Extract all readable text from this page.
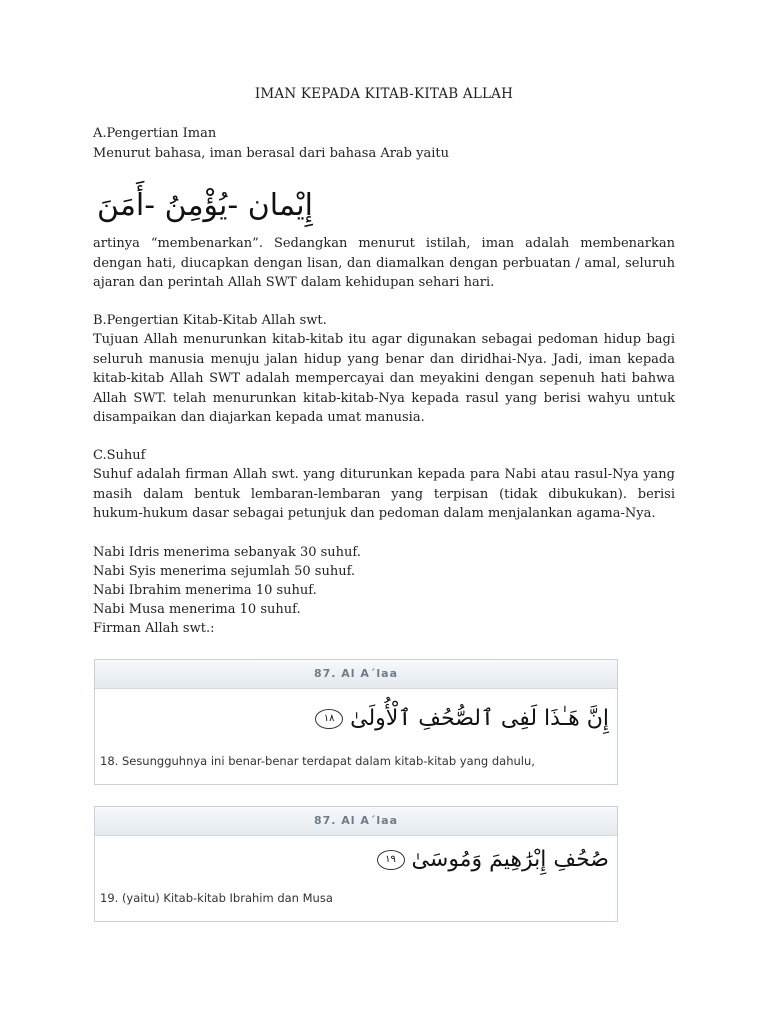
IMAN KEPADA KITAB-KITAB ALLAH
A.Pengertian Iman
Menurut bahasa, iman berasal dari bahasa Arab yaitu
إِيْمان -يُؤْمِنُ -أَمَنَ
artinya “membenarkan”. Sedangkan menurut istilah, iman adalah membenarkan dengan hati, diucapkan dengan lisan, dan diamalkan dengan perbuatan / amal, seluruh ajaran dan perintah Allah SWT dalam kehidupan sehari hari.
B.Pengertian Kitab-Kitab Allah swt.
Tujuan Allah menurunkan kitab-kitab itu agar digunakan sebagai pedoman hidup bagi seluruh manusia menuju jalan hidup yang benar dan diridhai-Nya. Jadi, iman kepada kitab-kitab Allah SWT adalah mempercayai dan meyakini dengan sepenuh hati bahwa Allah SWT. telah menurunkan kitab-kitab-Nya kepada rasul yang berisi wahyu untuk disampaikan dan diajarkan kepada umat manusia.
C.Suhuf
Suhuf adalah firman Allah swt. yang diturunkan kepada para Nabi atau rasul-Nya yang masih dalam bentuk lembaran-lembaran yang terpisan (tidak dibukukan). berisi hukum-hukum dasar sebagai petunjuk dan pedoman dalam menjalankan agama-Nya.
Nabi Idris menerima sebanyak 30 suhuf.
Nabi Syis menerima sejumlah 50 suhuf.
Nabi Ibrahim menerima 10 suhuf.
Nabi Musa menerima 10 suhuf.
Firman Allah swt.:
87. Al A´laa
إِنَّ هَـٰذَا لَفِى ٱلصُّحُفِ ٱلْأُولَىٰ ١٨
18. Sesungguhnya ini benar-benar terdapat dalam kitab-kitab yang dahulu,
87. Al A´laa
صُحُفِ إِبْرَٰهِيمَ وَمُوسَىٰ ١٩
19. (yaitu) Kitab-kitab Ibrahim dan Musa
